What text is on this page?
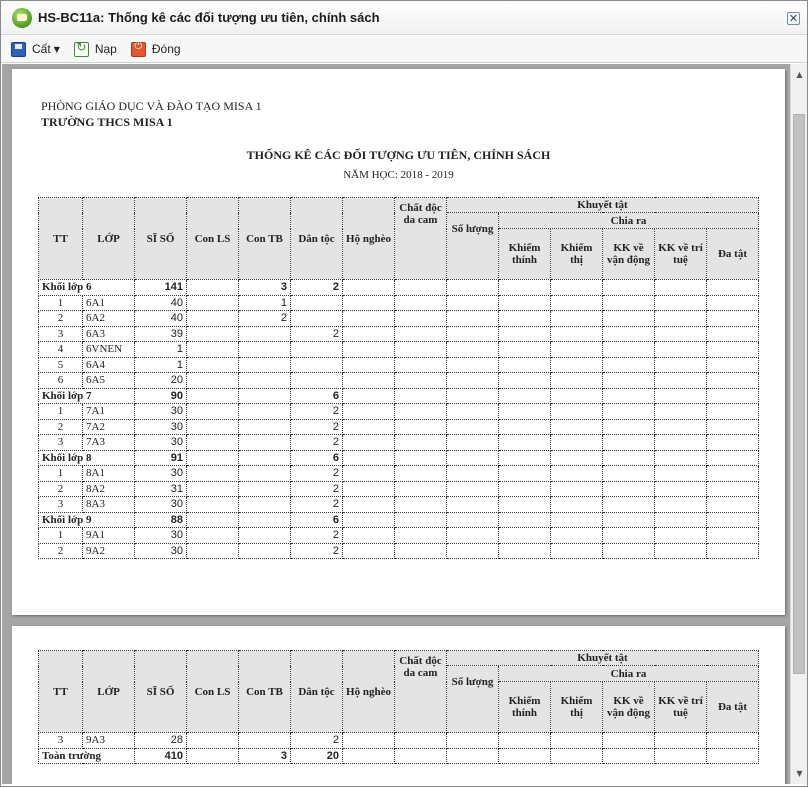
HS-BC11a: Thống kê các đối tượng ưu tiên, chính sách	✕
Cất ▼ ↻	Nạp ⏻	Đóng
PHÒNG GIÁO DỤC VÀ ĐÀO TẠO MISA 1
TRƯỜNG THCS MISA 1
THỐNG KÊ CÁC ĐỐI TƯỢNG ƯU TIÊN, CHÍNH SÁCH
NĂM HỌC: 2018 - 2019
TT	LỚP	SĨ SỐ	Con LS	Con TB	Dân tộc	Hộ nghèo	Chất độc da cam	Khuyết tật					
								Số lượng	Chia ra				
									Khiếm thính	Khiếm thị	KK về vận động	KK về trí tuệ	Đa tật
Khối lớp 6		141		3	2								
1	6A1	40		1									
2	6A2	40		2									
3	6A3	39			2								
4	6VNEN	1											
5	6A4	1											
6	6A5	20											
Khối lớp 7		90			6								
1	7A1	30			2								
2	7A2	30			2								
3	7A3	30			2								
Khối lớp 8		91			6								
1	8A1	30			2								
2	8A2	31			2								
3	8A3	30			2								
Khối lớp 9		88			6								
1	9A1	30			2								
2	9A2	30			2								
TT	LỚP	SĨ SỐ	Con LS	Con TB	Dân tộc	Hộ nghèo	Chất độc da cam	Khuyết tật					
								Số lượng	Chia ra				
									Khiếm thính	Khiếm thị	KK về vận động	KK về trí tuệ	Đa tật
3	9A3	28			2								
Toàn trường		410		3	20								
▲
▼
